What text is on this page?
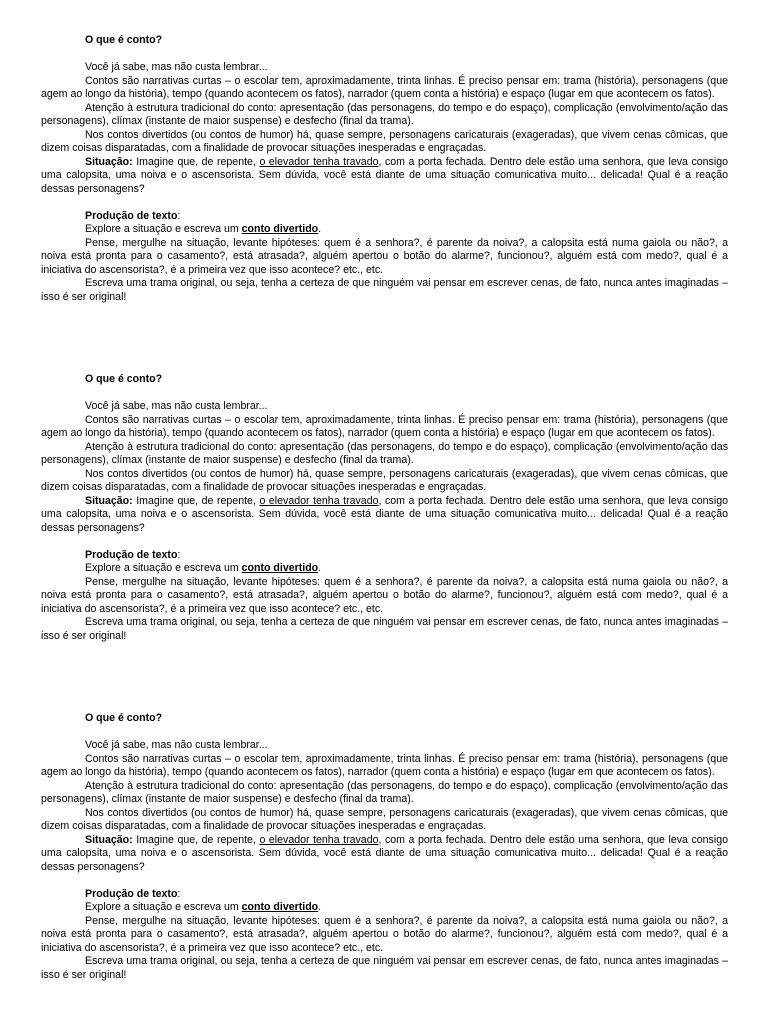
O que é conto?

Você já sabe, mas não custa lembrar...

Contos são narrativas curtas – o escolar tem, aproximadamente, trinta linhas. É preciso pensar em: trama (história), personagens (que agem ao longo da história), tempo (quando acontecem os fatos), narrador (quem conta a história) e espaço (lugar em que acontecem os fatos).

Atenção à estrutura tradicional do conto: apresentação (das personagens, do tempo e do espaço), complicação (envolvimento/ação das personagens), clímax (instante de maior suspense) e desfecho (final da trama).

Nos contos divertidos (ou contos de humor) há, quase sempre, personagens caricaturais (exageradas), que vivem cenas cômicas, que dizem coisas disparatadas, com a finalidade de provocar situações inesperadas e engraçadas.

Situação: Imagine que, de repente, o elevador tenha travado, com a porta fechada. Dentro dele estão uma senhora, que leva consigo uma calopsita, uma noiva e o ascensorista. Sem dúvida, você está diante de uma situação comunicativa muito... delicada! Qual é a reação dessas personagens?

Produção de texto:

Explore a situação e escreva um conto divertido.

Pense, mergulhe na situação, levante hipóteses: quem é a senhora?, é parente da noiva?, a calopsita está numa gaiola ou não?, a noiva está pronta para o casamento?, está atrasada?, alguém apertou o botão do alarme?, funcionou?, alguém está com medo?, qual é a iniciativa do ascensorista?, é a primeira vez que isso acontece? etc., etc.

Escreva uma trama original, ou seja, tenha a certeza de que ninguém vai pensar em escrever cenas, de fato, nunca antes imaginadas – isso é ser original!

O que é conto?

Você já sabe, mas não custa lembrar...

Contos são narrativas curtas – o escolar tem, aproximadamente, trinta linhas. É preciso pensar em: trama (história), personagens (que agem ao longo da história), tempo (quando acontecem os fatos), narrador (quem conta a história) e espaço (lugar em que acontecem os fatos).

Atenção à estrutura tradicional do conto: apresentação (das personagens, do tempo e do espaço), complicação (envolvimento/ação das personagens), clímax (instante de maior suspense) e desfecho (final da trama).

Nos contos divertidos (ou contos de humor) há, quase sempre, personagens caricaturais (exageradas), que vivem cenas cômicas, que dizem coisas disparatadas, com a finalidade de provocar situações inesperadas e engraçadas.

Situação: Imagine que, de repente, o elevador tenha travado, com a porta fechada. Dentro dele estão uma senhora, que leva consigo uma calopsita, uma noiva e o ascensorista. Sem dúvida, você está diante de uma situação comunicativa muito... delicada! Qual é a reação dessas personagens?

Produção de texto:

Explore a situação e escreva um conto divertido.

Pense, mergulhe na situação, levante hipóteses: quem é a senhora?, é parente da noiva?, a calopsita está numa gaiola ou não?, a noiva está pronta para o casamento?, está atrasada?, alguém apertou o botão do alarme?, funcionou?, alguém está com medo?, qual é a iniciativa do ascensorista?, é a primeira vez que isso acontece? etc., etc.

Escreva uma trama original, ou seja, tenha a certeza de que ninguém vai pensar em escrever cenas, de fato, nunca antes imaginadas – isso é ser original!

O que é conto?

Você já sabe, mas não custa lembrar...

Contos são narrativas curtas – o escolar tem, aproximadamente, trinta linhas. É preciso pensar em: trama (história), personagens (que agem ao longo da história), tempo (quando acontecem os fatos), narrador (quem conta a história) e espaço (lugar em que acontecem os fatos).

Atenção à estrutura tradicional do conto: apresentação (das personagens, do tempo e do espaço), complicação (envolvimento/ação das personagens), clímax (instante de maior suspense) e desfecho (final da trama).

Nos contos divertidos (ou contos de humor) há, quase sempre, personagens caricaturais (exageradas), que vivem cenas cômicas, que dizem coisas disparatadas, com a finalidade de provocar situações inesperadas e engraçadas.

Situação: Imagine que, de repente, o elevador tenha travado, com a porta fechada. Dentro dele estão uma senhora, que leva consigo uma calopsita, uma noiva e o ascensorista. Sem dúvida, você está diante de uma situação comunicativa muito... delicada! Qual é a reação dessas personagens?

Produção de texto:

Explore a situação e escreva um conto divertido.

Pense, mergulhe na situação, levante hipóteses: quem é a senhora?, é parente da noiva?, a calopsita está numa gaiola ou não?, a noiva está pronta para o casamento?, está atrasada?, alguém apertou o botão do alarme?, funcionou?, alguém está com medo?, qual é a iniciativa do ascensorista?, é a primeira vez que isso acontece? etc., etc.

Escreva uma trama original, ou seja, tenha a certeza de que ninguém vai pensar em escrever cenas, de fato, nunca antes imaginadas – isso é ser original!
